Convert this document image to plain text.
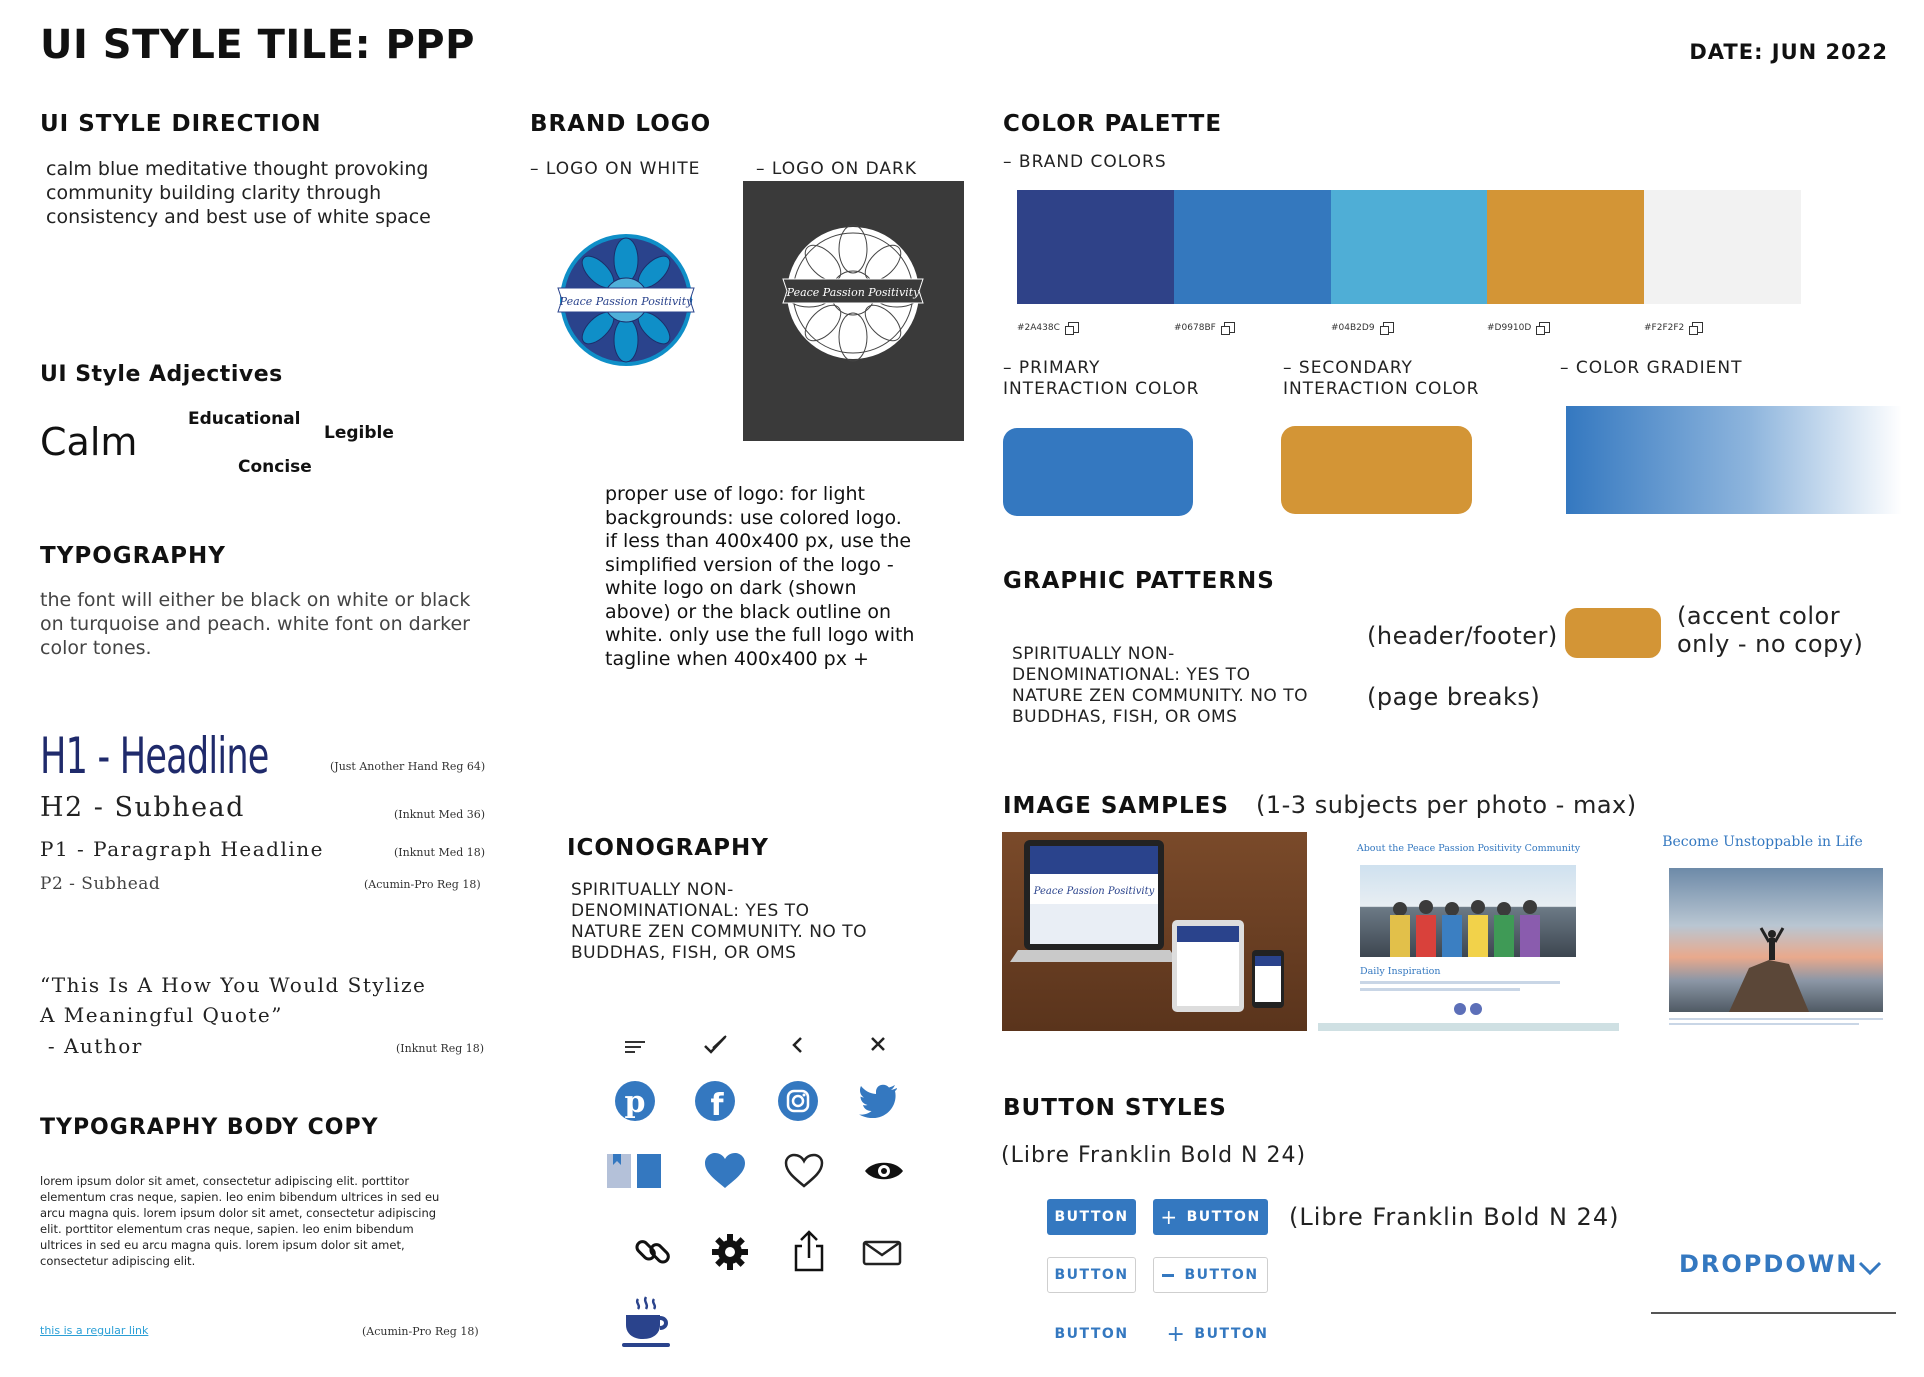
UI STYLE TILE: PPP	DATE: JUN 2022
UI STYLE DIRECTION
calm blue meditative thought provoking community building clarity through consistency and best use of white space
UI Style Adjectives
Calm
Educational
Legible
Concise
TYPOGRAPHY
the font will either be black on white or black on turquoise and peach. white font on darker color tones.
H1 - Headline	(Just Another Hand Reg 64)
H2 - Subhead	(Inknut Med 36)
P1 - Paragraph Headline	(Inknut Med 18)
P2 - Subhead	(Acumin-Pro Reg 18)
“This Is A How You Would Stylize
A Meaningful Quote”
- Author	(Inknut Reg 18)
TYPOGRAPHY BODY COPY
lorem ipsum dolor sit amet, consectetur adipiscing elit. porttitor elementum cras neque, sapien. leo enim bibendum ultrices in sed eu arcu magna quis. lorem ipsum dolor sit amet, consectetur adipiscing elit. porttitor elementum cras neque, sapien. leo enim bibendum ultrices in sed eu arcu magna quis. lorem ipsum dolor sit amet, consectetur adipiscing elit.
this is a regular link	(Acumin-Pro Reg 18)
BRAND LOGO
– LOGO ON WHITE	– LOGO ON DARK
Peace Passion Positivity
Peace Passion Positivity
proper use of logo: for light backgrounds: use colored logo. if less than 400x400 px, use the simplified version of the logo - white logo on dark (shown above) or the black outline on white. only use the full logo with tagline when 400x400 px +
ICONOGRAPHY
SPIRITUALLY NON-DENOMINATIONAL: YES TO NATURE ZEN COMMUNITY. NO TO BUDDHAS, FISH, OR OMS
p f
COLOR PALETTE
– BRAND COLORS
#2A438C	#0678BF	#04B2D9	#D9910D	#F2F2F2
– PRIMARY
INTERACTION COLOR
– SECONDARY
INTERACTION COLOR
– COLOR GRADIENT
GRAPHIC PATTERNS
SPIRITUALLY NON-DENOMINATIONAL: YES TO NATURE ZEN COMMUNITY. NO TO BUDDHAS, FISH, OR OMS
(header/footer)
(page breaks)
(accent color
only - no copy)
IMAGE SAMPLES (1-3 subjects per photo - max)
Peace Passion Positivity
About the Peace Passion Positivity Community
Daily Inspiration
Become Unstoppable in Life
BUTTON STYLES
(Libre Franklin Bold N 24)
(Libre Franklin Bold N 24)
BUTTON	+ BUTTON
BUTTON	BUTTON
BUTTON	+ BUTTON
DROPDOWN
